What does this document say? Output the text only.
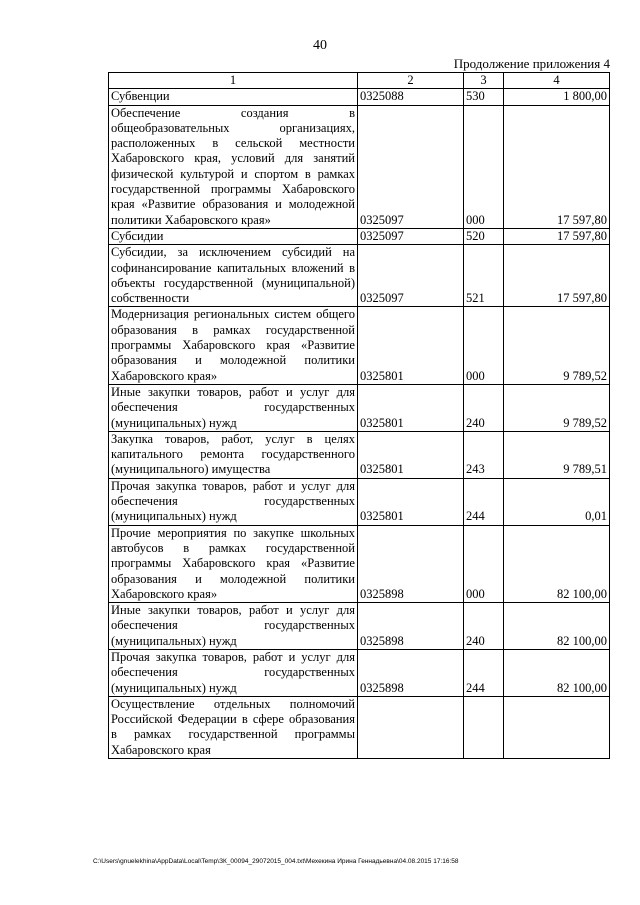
40
Продолжение приложения 4
1	2	3	4
Субвенции	0325088	530	1 800,00
Обеспечение создания в общеобразовательных организациях, расположенных в сельской местности Хабаровского края, условий для занятий физической культурой и спортом в рамках государственной программы Хабаровского края «Развитие образования и молодежной политики Хабаровского края»	0325097	000	17 597,80
Субсидии	0325097	520	17 597,80
Субсидии, за исключением субсидий на софинансирование капитальных вложений в объекты государственной (муниципальной) собственности	0325097	521	17 597,80
Модернизация региональных систем общего образования в рамках государственной программы Хабаровского края «Развитие образования и молодежной политики Хабаровского края»	0325801	000	9 789,52
Иные закупки товаров, работ и услуг для обеспечения государственных (муниципальных) нужд	0325801	240	9 789,52
Закупка товаров, работ, услуг в целях капитального ремонта государственного (муниципального) имущества	0325801	243	9 789,51
Прочая закупка товаров, работ и услуг для обеспечения государственных (муниципальных) нужд	0325801	244	0,01
Прочие мероприятия по закупке школьных автобусов в рамках государственной программы Хабаровского края «Развитие образования и молодежной политики Хабаровского края»	0325898	000	82 100,00
Иные закупки товаров, работ и услуг для обеспечения государственных (муниципальных) нужд	0325898	240	82 100,00
Прочая закупка товаров, работ и услуг для обеспечения государственных (муниципальных) нужд	0325898	244	82 100,00
Осуществление отдельных полномочий Российской Федерации в сфере образования в рамках государственной программы Хабаровского края			
C:\Users\gnuelekhina\AppData\Local\Temp\ЗК_00094_29072015_004.txt\Мехекина Ирина Геннадьевна\04.08.2015 17:16:58
